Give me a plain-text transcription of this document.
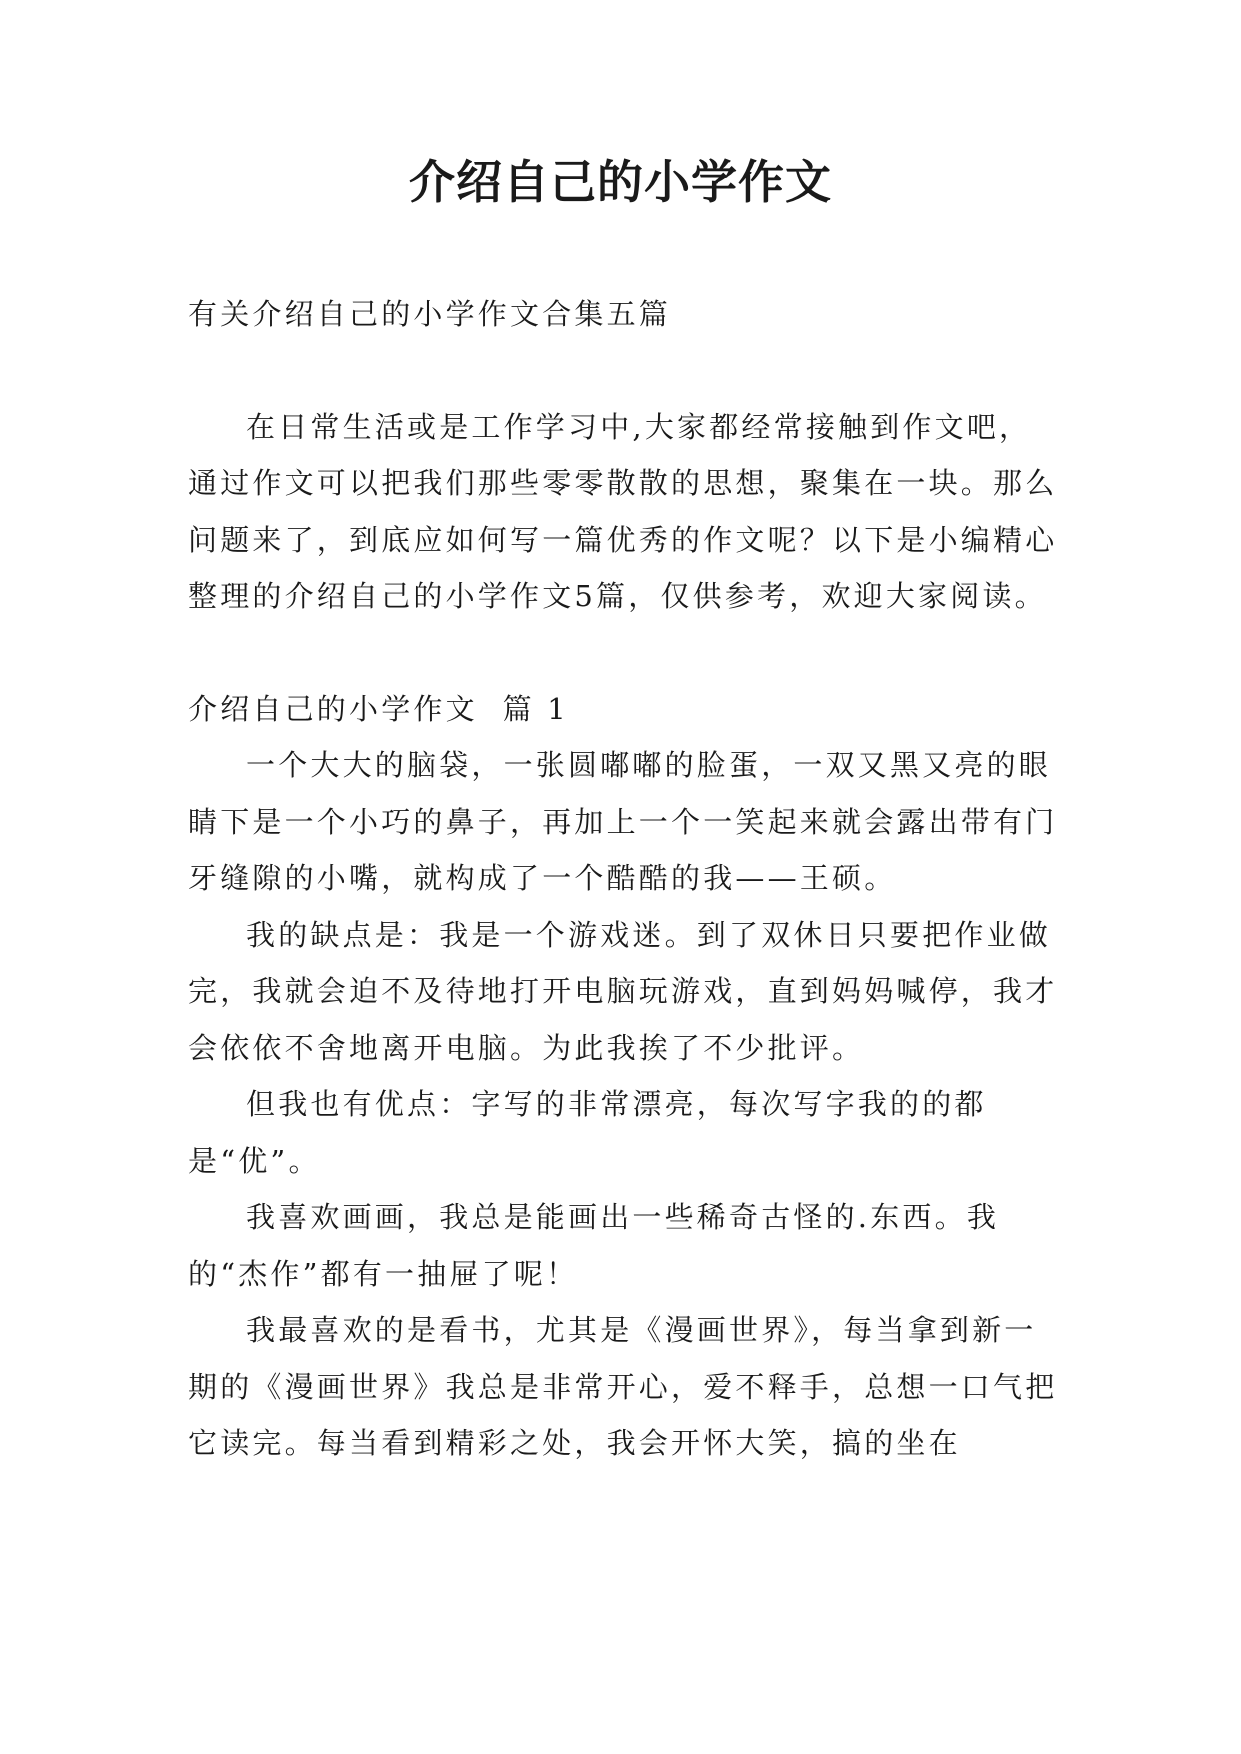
介绍自己的小学作文

有关介绍自己的小学作文合集五篇

在日常生活或是工作学习中,大家都经常接触到作文吧，通过作文可以把我们那些零零散散的思想，聚集在一块。那么问题来了，到底应如何写一篇优秀的作文呢？以下是小编精心整理的介绍自己的小学作文5篇，仅供参考，欢迎大家阅读。

介绍自己的小学作文  篇 1

一个大大的脑袋，一张圆嘟嘟的脸蛋，一双又黑又亮的眼睛下是一个小巧的鼻子，再加上一个一笑起来就会露出带有门牙缝隙的小嘴，就构成了一个酷酷的我——王硕。

我的缺点是：我是一个游戏迷。到了双休日只要把作业做完，我就会迫不及待地打开电脑玩游戏，直到妈妈喊停，我才会依依不舍地离开电脑。为此我挨了不少批评。

但我也有优点：字写的非常漂亮，每次写字我的的都是“优”。

我喜欢画画，我总是能画出一些稀奇古怪的.东西。我的“杰作”都有一抽屉了呢！

我最喜欢的是看书，尤其是《漫画世界》，每当拿到新一期的《漫画世界》我总是非常开心，爱不释手，总想一口气把它读完。每当看到精彩之处，我会开怀大笑，搞的坐在
